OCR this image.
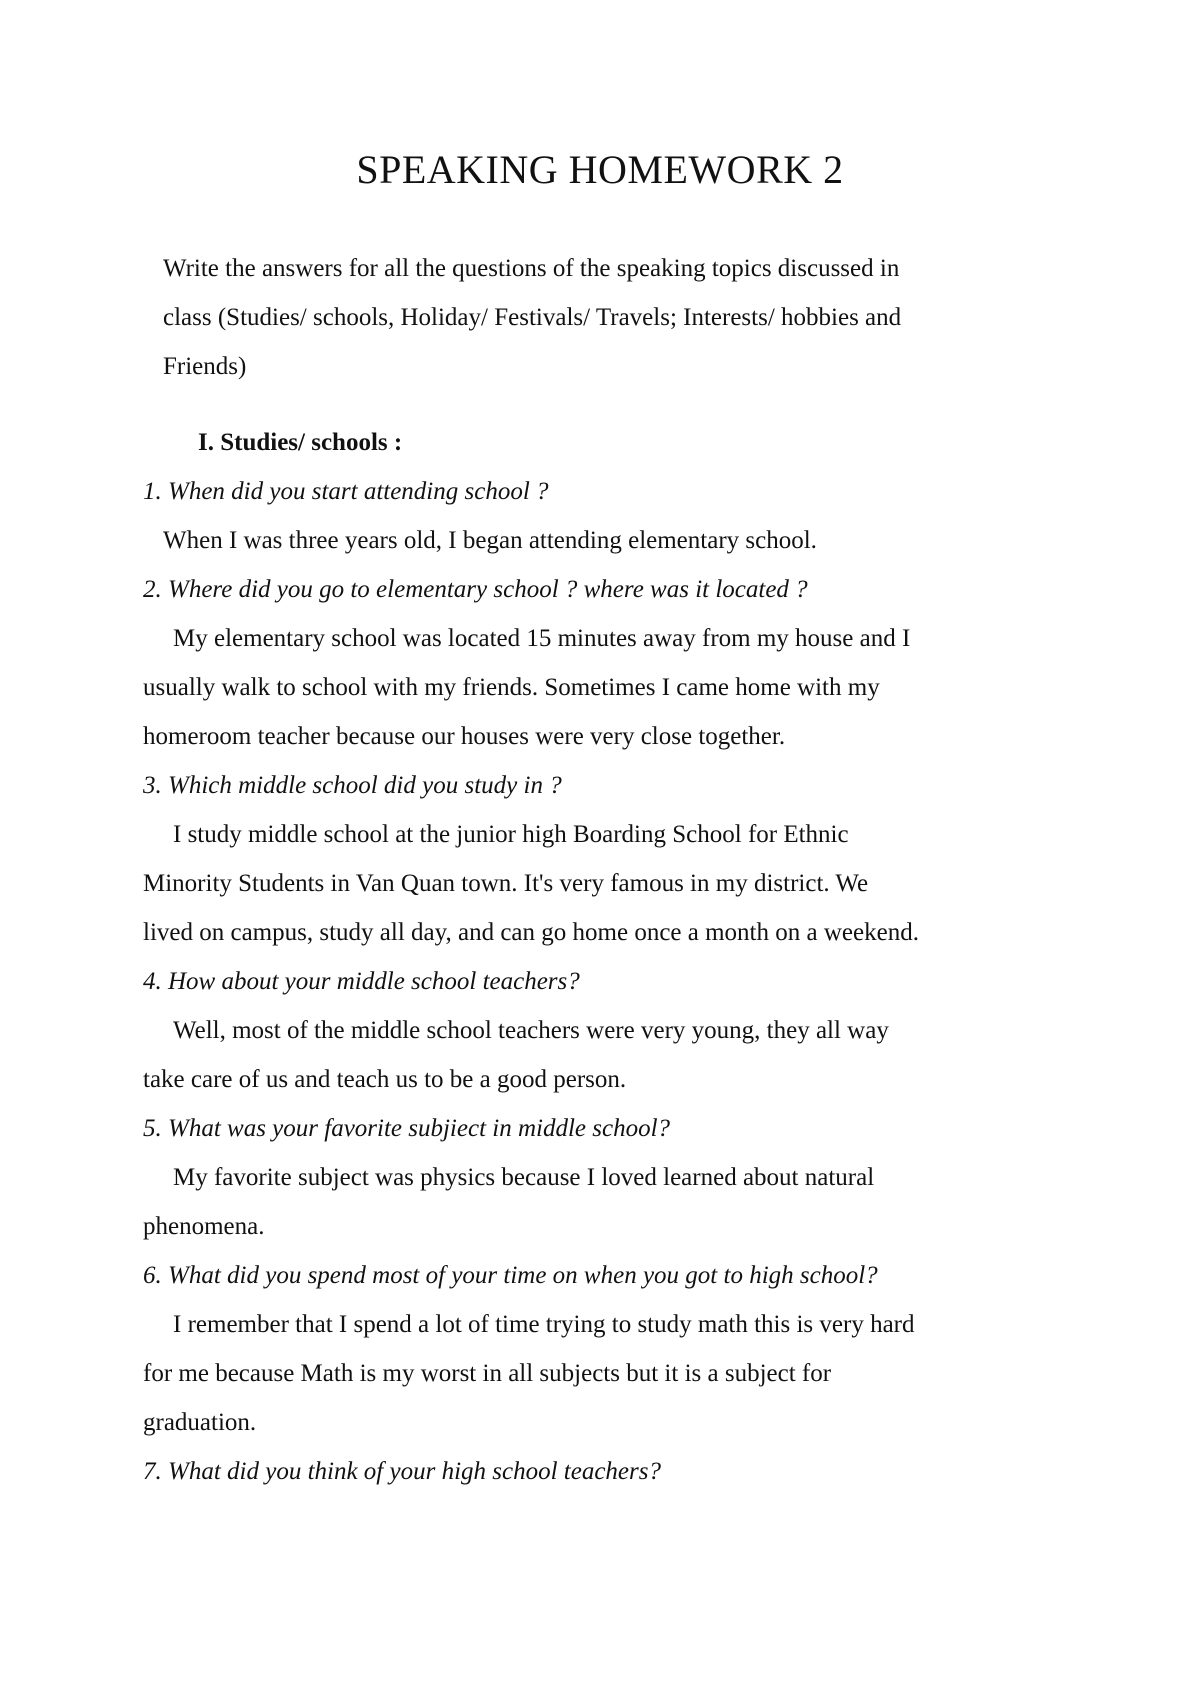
SPEAKING HOMEWORK 2
Write the answers for all the questions of the speaking topics discussed in
class (Studies/ schools, Holiday/ Festivals/ Travels; Interests/ hobbies and
Friends)
I. Studies/ schools :
1. When did you start attending school ?
When I was three years old, I began attending elementary school.
2. Where did you go to elementary school ? where was it located ?
My elementary school was located 15 minutes away from my house and I
usually walk to school with my friends. Sometimes I came home with my
homeroom teacher because our houses were very close together.
3. Which middle school did you study in ?
I study middle school at the junior high Boarding School for Ethnic
Minority Students in Van Quan town. It's very famous in my district. We
lived on campus, study all day, and can go home once a month on a weekend.
4. How about your middle school teachers?
Well, most of the middle school teachers were very young, they all way
take care of us and teach us to be a good person.
5. What was your favorite subjiect in middle school?
My favorite subject was physics because I loved learned about natural
phenomena.
6. What did you spend most of your time on when you got to high school?
I remember that I spend a lot of time trying to study math this is very hard
for me because Math is my worst in all subjects but it is a subject for
graduation.
7. What did you think of your high school teachers?
